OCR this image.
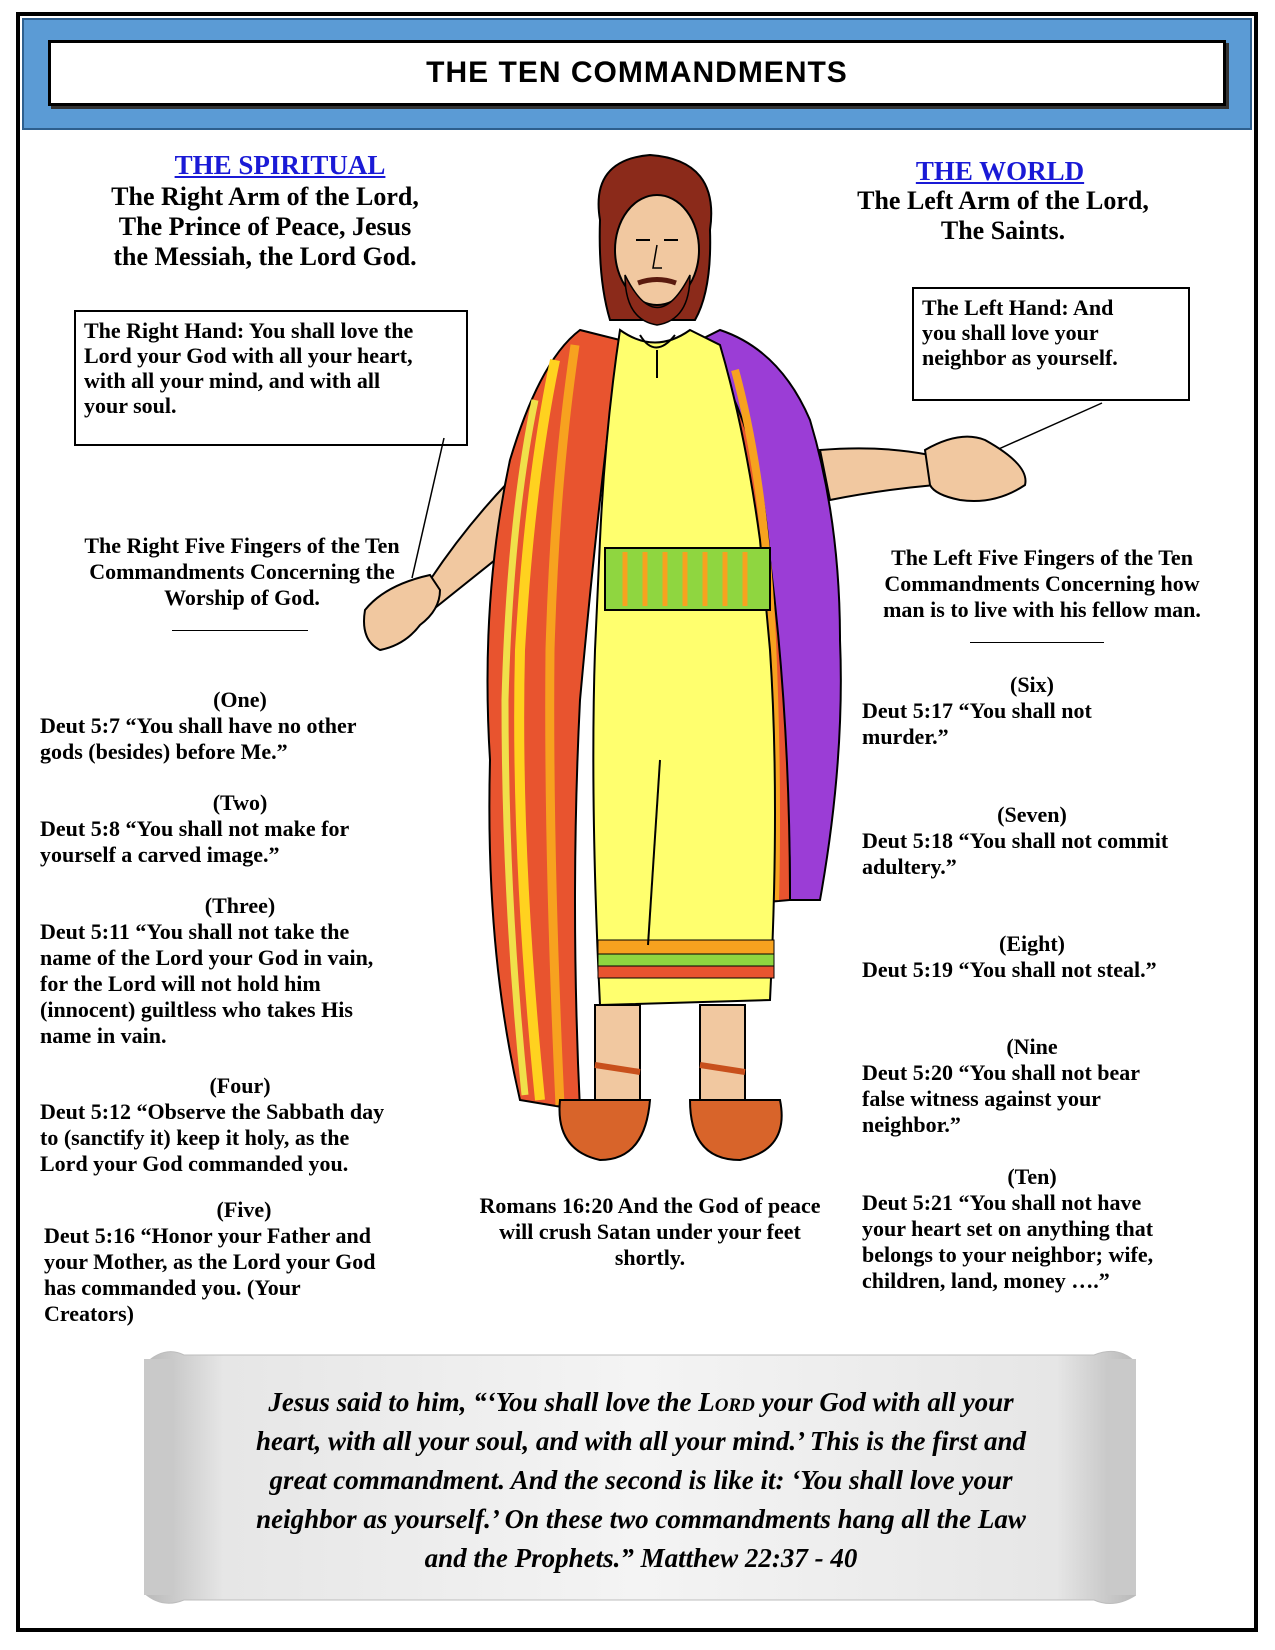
THE TEN COMMANDMENTS
THE SPIRITUAL
The Right Arm of the Lord,
The Prince of Peace, Jesus
the Messiah, the Lord God.
THE WORLD
The Left Arm of the Lord,
The Saints.
The Right Hand: You shall love the
Lord your God with all your heart,
with all your mind, and with all
your soul.
The Left Hand: And
you shall love your
neighbor as yourself.
The Right Five Fingers of the Ten
Commandments Concerning the
Worship of God.
The Left Five Fingers of the Ten
Commandments Concerning how
man is to live with his fellow man.
(One)
Deut 5:7 “You shall have no other
gods (besides) before Me.”
(Two)
Deut 5:8 “You shall not make for
yourself a carved image.”
(Three)
Deut 5:11 “You shall not take the
name of the Lord your God in vain,
for the Lord will not hold him
(innocent) guiltless who takes His
name in vain.
(Four)
Deut 5:12 “Observe the Sabbath day
to (sanctify it) keep it holy, as the
Lord your God commanded you.
(Five)
Deut 5:16 “Honor your Father and
your Mother, as the Lord your God
has commanded you. (Your
Creators)
(Six)
Deut 5:17 “You shall not
murder.”
(Seven)
Deut 5:18 “You shall not commit
adultery.”
(Eight)
Deut 5:19 “You shall not steal.”
(Nine
Deut 5:20 “You shall not bear
false witness against your
neighbor.”
(Ten)
Deut 5:21 “You shall not have
your heart set on anything that
belongs to your neighbor; wife,
children, land, money ….”
Romans 16:20 And the God of peace
will crush Satan under your feet
shortly.
Jesus said to him, “‘You shall love the Lord your God with all your
heart, with all your soul, and with all your mind.’ This is the first and
great commandment. And the second is like it: ‘You shall love your
neighbor as yourself.’ On these two commandments hang all the Law
and the Prophets.” Matthew 22:37 - 40
